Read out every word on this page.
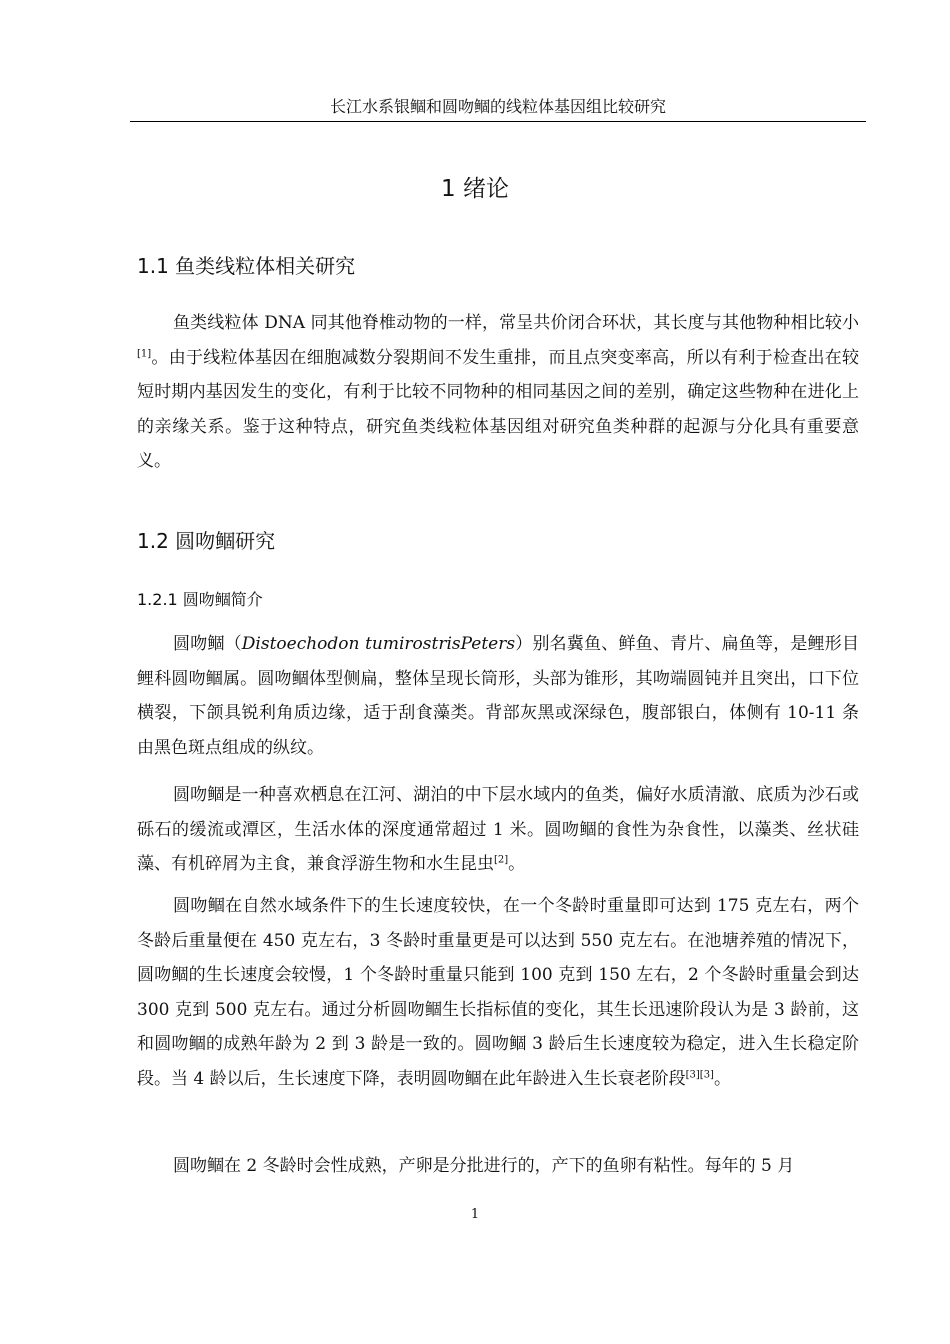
长江水系银鲴和圆吻鲴的线粒体基因组比较研究
1 绪论
1.1 鱼类线粒体相关研究

鱼类线粒体 DNA 同其他脊椎动物的一样，常呈共价闭合环状，其长度与其他物种相比较小[1]。由于线粒体基因在细胞减数分裂期间不发生重排，而且点突变率高，所以有利于检查出在较短时期内基因发生的变化，有利于比较不同物种的相同基因之间的差别，确定这些物种在进化上的亲缘关系。鉴于这种特点，研究鱼类线粒体基因组对研究鱼类种群的起源与分化具有重要意义。

1.2 圆吻鲴研究
1.2.1 圆吻鲴简介

圆吻鲴（Distoechodon tumirostrisPeters）别名冀鱼、鲜鱼、青片、扁鱼等，是鲤形目鲤科圆吻鲴属。圆吻鲴体型侧扁，整体呈现长筒形，头部为锥形，其吻端圆钝并且突出，口下位横裂，下颌具锐利角质边缘，适于刮食藻类。背部灰黑或深绿色，腹部银白，体侧有 10-11 条由黑色斑点组成的纵纹。

圆吻鲴是一种喜欢栖息在江河、湖泊的中下层水域内的鱼类，偏好水质清澈、底质为沙石或砾石的缓流或潭区，生活水体的深度通常超过 1 米。圆吻鲴的食性为杂食性，以藻类、丝状硅藻、有机碎屑为主食，兼食浮游生物和水生昆虫[2]。

圆吻鲴在自然水域条件下的生长速度较快，在一个冬龄时重量即可达到 175 克左右，两个冬龄后重量便在 450 克左右，3 冬龄时重量更是可以达到 550 克左右。在池塘养殖的情况下，圆吻鲴的生长速度会较慢，1 个冬龄时重量只能到 100 克到 150 左右，2 个冬龄时重量会到达 300 克到 500 克左右。通过分析圆吻鲴生长指标值的变化，其生长迅速阶段认为是 3 龄前，这和圆吻鲴的成熟年龄为 2 到 3 龄是一致的。圆吻鲴 3 龄后生长速度较为稳定，进入生长稳定阶段。当 4 龄以后，生长速度下降，表明圆吻鲴在此年龄进入生长衰老阶段[3][3]。

圆吻鲴在 2 冬龄时会性成熟，产卵是分批进行的，产下的鱼卵有粘性。每年的 5 月

1
